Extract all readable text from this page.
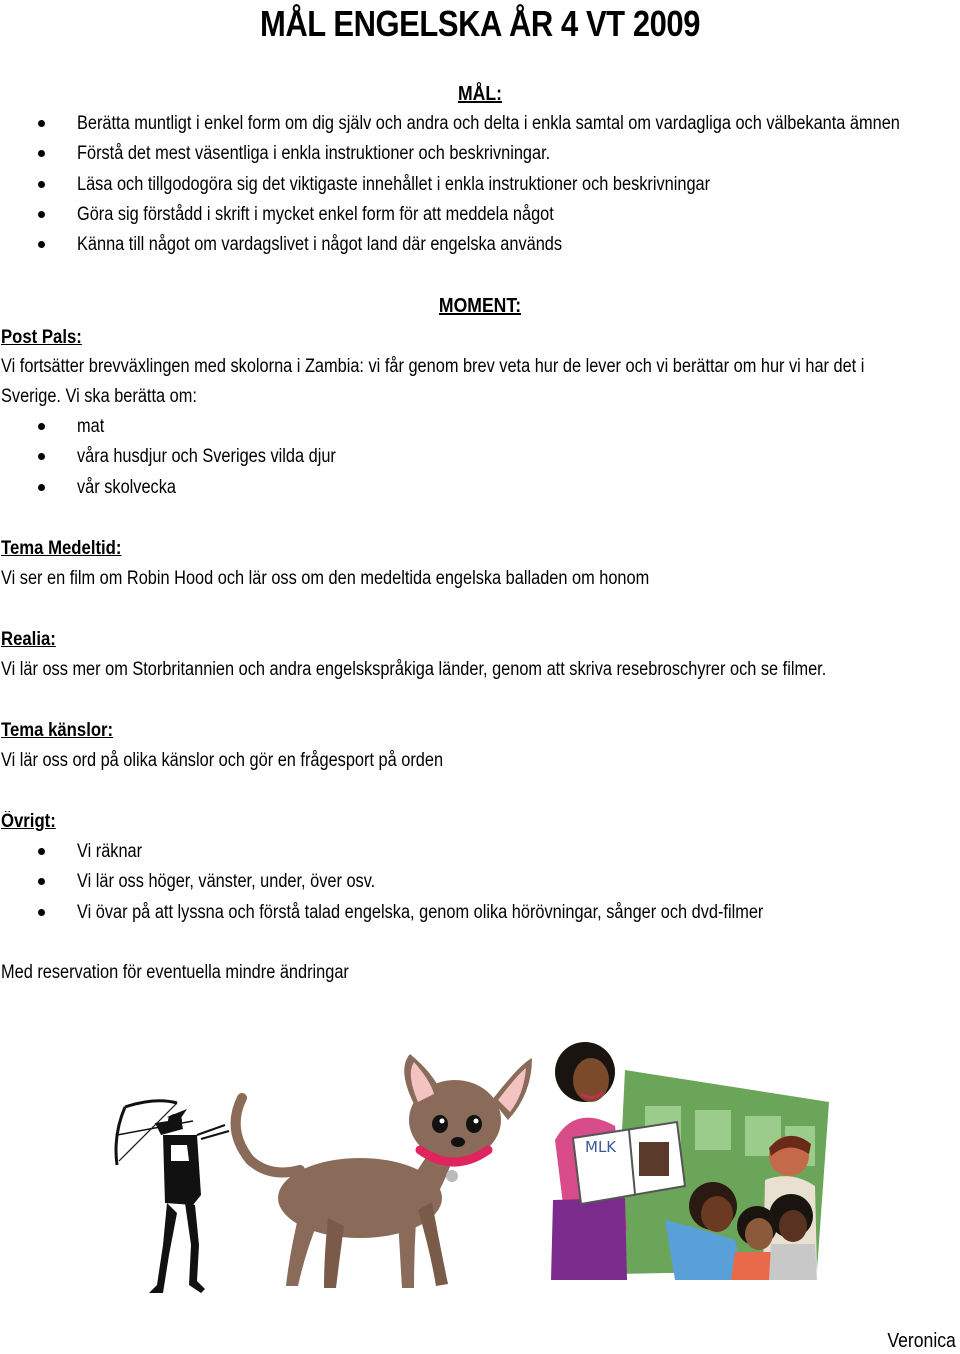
MÅL ENGELSKA ÅR 4 VT 2009
MÅL:
Berätta muntligt i enkel form om dig själv och andra och delta i enkla samtal om vardagliga och välbekanta ämnen
Förstå det mest väsentliga i enkla instruktioner och beskrivningar.
Läsa och tillgodogöra sig det viktigaste innehållet i enkla instruktioner och beskrivningar
Göra sig förstådd i skrift i mycket enkel form för att meddela något
Känna till något om vardagslivet i något land där engelska används
MOMENT:
Post Pals:
Vi fortsätter brevväxlingen med skolorna i Zambia: vi får genom brev veta hur de lever och vi berättar om hur vi har det i
Sverige. Vi ska berätta om:
mat
våra husdjur och Sveriges vilda djur
vår skolvecka
Tema Medeltid:
Vi ser en film om Robin Hood och lär oss om den medeltida engelska balladen om honom
Realia:
Vi lär oss mer om Storbritannien och andra engelskspråkiga länder, genom att skriva resebroschyrer och se filmer.
Tema känslor:
Vi lär oss ord på olika känslor och gör en frågesport på orden
Övrigt:
Vi räknar
Vi lär oss höger, vänster, under, över osv.
Vi övar på att lyssna och förstå talad engelska, genom olika hörövningar, sånger och dvd-filmer
Med reservation för eventuella mindre ändringar
MLK
Veronica
